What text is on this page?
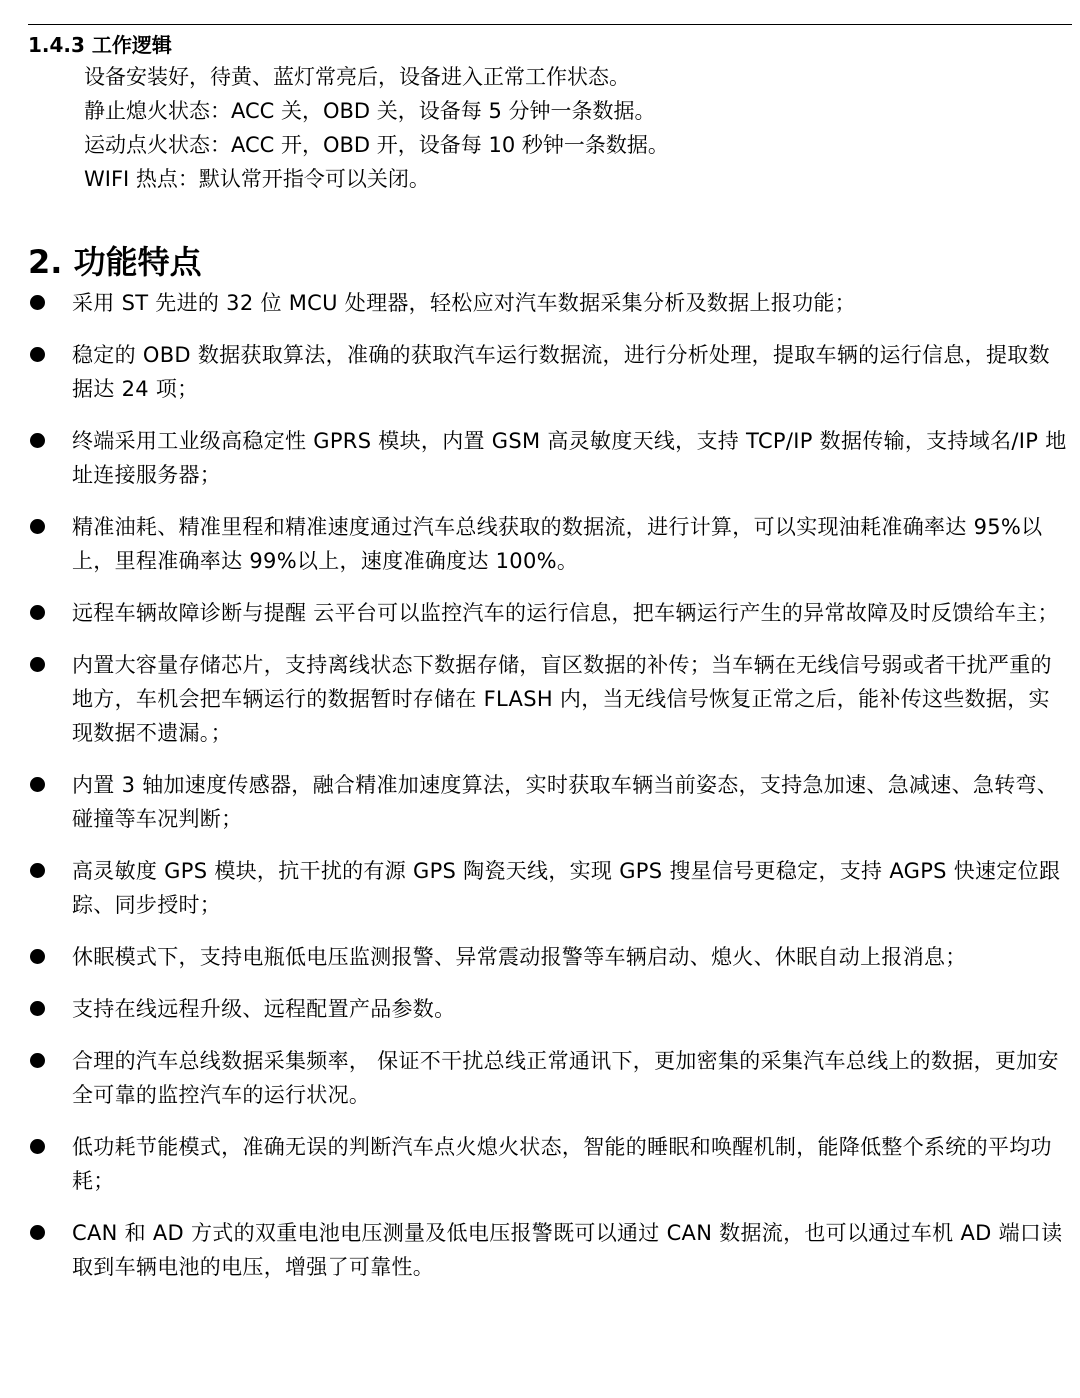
1.4.3 工作逻辑

设备安装好，待黄、蓝灯常亮后，设备进入正常工作状态。

静止熄火状态：ACC 关，OBD 关，设备每 5 分钟一条数据。

运动点火状态：ACC 开，OBD 开，设备每 10 秒钟一条数据。

WIFI 热点：默认常开指令可以关闭。

2. 功能特点

采用 ST 先进的 32 位 MCU 处理器，轻松应对汽车数据采集分析及数据上报功能；
稳定的 OBD 数据获取算法，准确的获取汽车运行数据流，进行分析处理，提取车辆的运行信息，提取数据达 24 项；
终端采用工业级高稳定性 GPRS 模块，内置 GSM 高灵敏度天线，支持 TCP/IP 数据传输，支持域名/IP 地址连接服务器；
精准油耗、精准里程和精准速度通过汽车总线获取的数据流，进行计算，可以实现油耗准确率达 95%以上，里程准确率达 99%以上，速度准确度达 100%。
远程车辆故障诊断与提醒 云平台可以监控汽车的运行信息，把车辆运行产生的异常故障及时反馈给车主；
内置大容量存储芯片，支持离线状态下数据存储，盲区数据的补传；当车辆在无线信号弱或者干扰严重的地方，车机会把车辆运行的数据暂时存储在 FLASH 内，当无线信号恢复正常之后，能补传这些数据，实现数据不遗漏。；
内置 3 轴加速度传感器，融合精准加速度算法，实时获取车辆当前姿态，支持急加速、急减速、急转弯、碰撞等车况判断；
高灵敏度 GPS 模块，抗干扰的有源 GPS 陶瓷天线，实现 GPS 搜星信号更稳定，支持 AGPS 快速定位跟踪、同步授时；
休眠模式下，支持电瓶低电压监测报警、异常震动报警等车辆启动、熄火、休眠自动上报消息；
支持在线远程升级、远程配置产品参数。
合理的汽车总线数据采集频率， 保证不干扰总线正常通讯下，更加密集的采集汽车总线上的数据，更加安全可靠的监控汽车的运行状况。
低功耗节能模式，准确无误的判断汽车点火熄火状态，智能的睡眠和唤醒机制，能降低整个系统的平均功耗；
CAN 和 AD 方式的双重电池电压测量及低电压报警既可以通过 CAN 数据流，也可以通过车机 AD 端口读取到车辆电池的电压，增强了可靠性。
